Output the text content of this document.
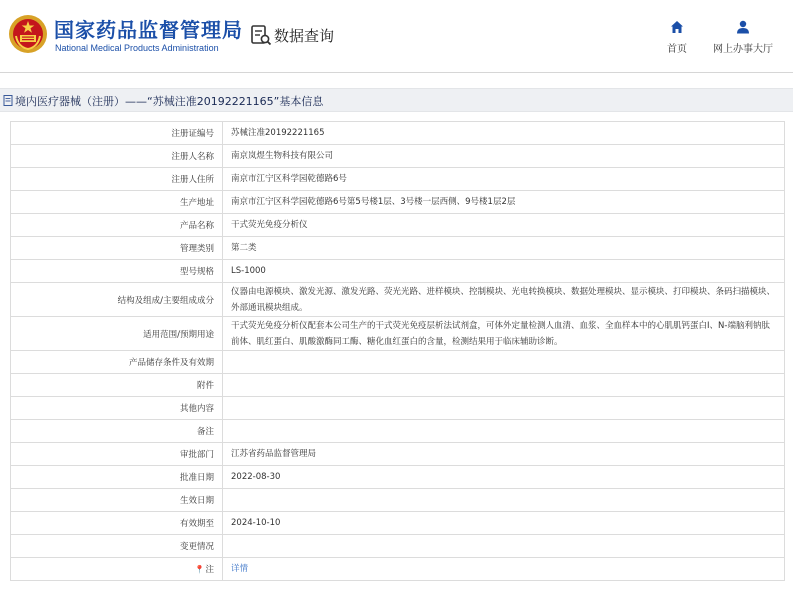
国家药品监督管理局
National Medical Products Administration
数据查询
首页	网上办事大厅
境内医疗器械（注册）——“苏械注准20192221165”基本信息
注册证编号	苏械注准20192221165
注册人名称	南京岚煜生物科技有限公司
注册人住所	南京市江宁区科学园乾德路6号
生产地址	南京市江宁区科学园乾德路6号第5号楼1层、3号楼一层西侧、9号楼1层2层
产品名称	干式荧光免疫分析仪
管理类别	第二类
型号规格	LS-1000
结构及组成/主要组成成分	仪器由电源模块、激发光源、激发光路、荧光光路、进样模块、控制模块、光电转换模块、数据处理模块、显示模块、打印模块、条码扫描模块、外部通讯模块组成。
适用范围/预期用途	干式荧光免疫分析仪配套本公司生产的干式荧光免疫层析法试剂盒，可体外定量检测人血清、血浆、全血样本中的心肌肌钙蛋白I、N-端脑利钠肽前体、肌红蛋白、肌酸激酶同工酶、糖化血红蛋白的含量，检测结果用于临床辅助诊断。
产品储存条件及有效期	
附件	
其他内容	
备注	
审批部门	江苏省药品监督管理局
批准日期	2022-08-30
生效日期	
有效期至	2024-10-10
变更情况	
📍注	详情
